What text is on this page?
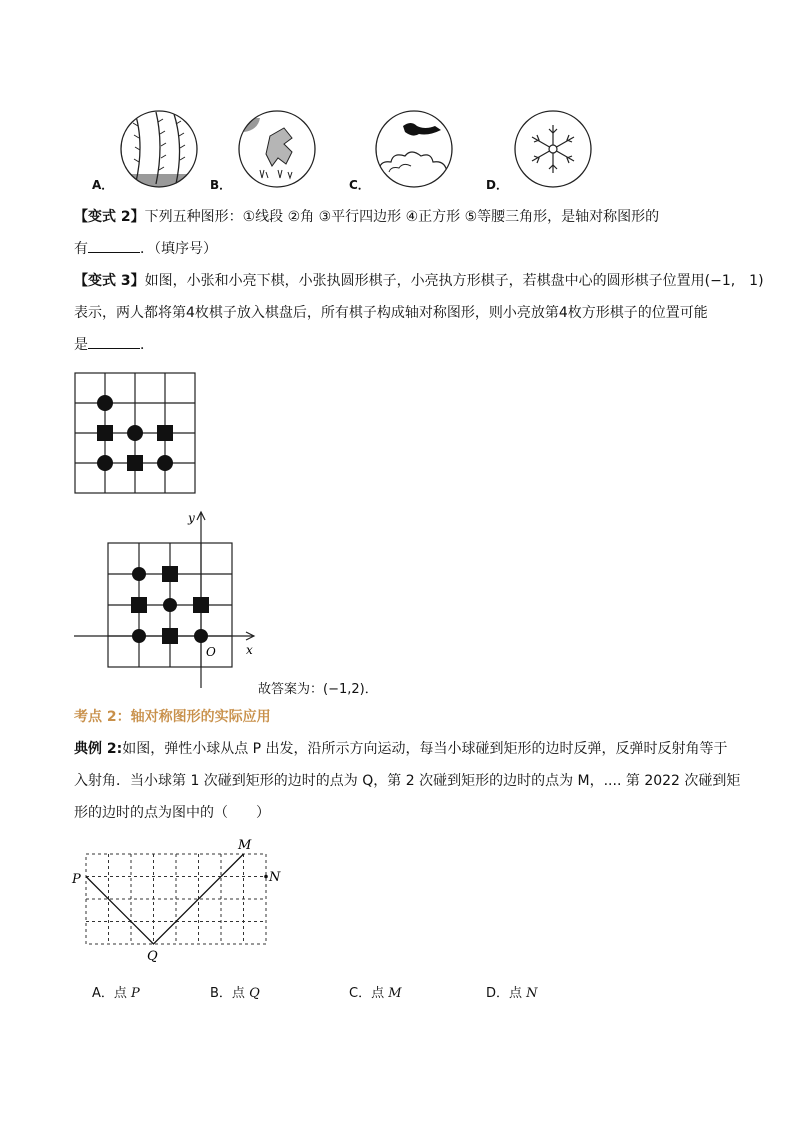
A．	B．	C．	D．
【变式 2】下列五种图形：①线段 ②角 ③平行四边形 ④正方形 ⑤等腰三角形，是轴对称图形的
有	．（填序号）
【变式 3】如图，小张和小亮下棋，小张执圆形棋子，小亮执方形棋子，若棋盘中心的圆形棋子位置用(−1,　1)
表示，两人都将第4枚棋子放入棋盘后，所有棋子构成轴对称图形，则小亮放第4枚方形棋子的位置可能
是	．
y
x
O
故答案为：(−1,2)．
考点 2：轴对称图形的实际应用
典例 2:如图，弹性小球从点 P 出发，沿所示方向运动，每当小球碰到矩形的边时反弹，反弹时反射角等于
入射角．当小球第 1 次碰到矩形的边时的点为 Q，第 2 次碰到矩形的边时的点为 M，.... 第 2022 次碰到矩
形的边时的点为图中的（　　）
P
Q
M
N
A．点 P	B．点 Q	C．点 M	D．点 N
